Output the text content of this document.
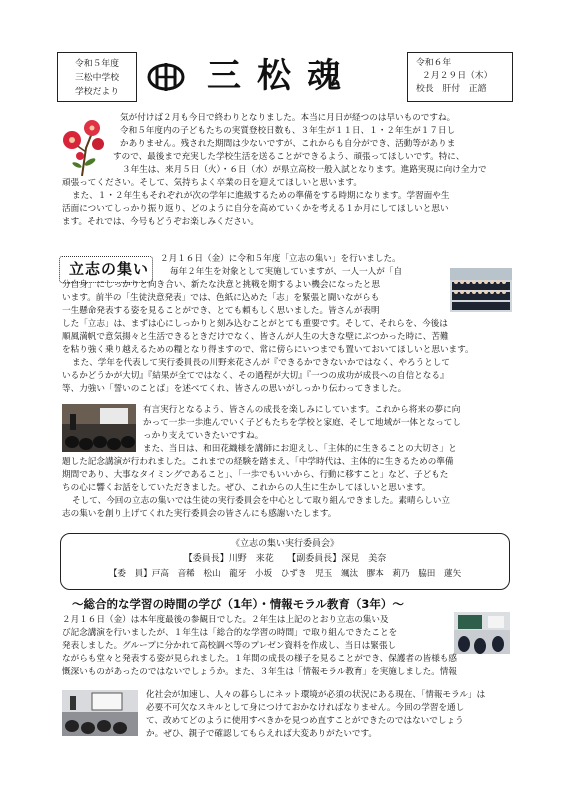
令和５年度
三松中学校
学校だより	三松魂	令和６年
２月２９日（木）
校長　肝付　正諮
気が付けば２月も今日で終わりとなりました。本当に月日が経つのは早いものですね。
令和５年度内の子どもたちの実質登校日数も、３年生が１１日、１・２年生が１７日し
かありません。残された期間は少ないですが、これからも自分ができ、活動等がありま
すので、最後まで充実した学校生活を送ることができるよう、頑張ってほしいです。特に、
３年生は、来月５日（火）・６日（水）が県立高校一般入試となります。進路実現に向け全力で
頑張ってください。そして、気持ちよく卒業の日を迎えてほしいと思います。
また、１・２年生もそれぞれが次の学年に進級するための準備をする時期になります。学習面や生
活面についてしっかり振り返り、どのように自分を高めていくかを考える１か月にしてほしいと思い
ます。それでは、今号もどうぞお楽しみください。
立志の集い
２月１６日（金）に令和５年度「立志の集い」を行いました。
毎年２年生を対象として実施していますが、一人一人が「自
分自身」にしっかりと向き合い、新たな決意と挑戦を期するよい機会になったと思
います。前半の「生徒決意発表」では、色紙に込めた「志」を緊張と闘いながらも
一生懸命発表する姿を見ることができ、とても頼もしく思いました。皆さんが表明
した「立志」は、まずは心にしっかりと刻み込むことがとても重要です。そして、それらを、今後は
順風満帆で意気揚々と生活できるときだけでなく、皆さんが人生の大きな壁にぶつかった時に、苦難
を粘り強く乗り越えるための糧となり得ますので、常に傍らにいつまでも置いておいてほしいと思います。
また、学年を代表して実行委員長の川野来花さんが『できるかできないかではなく、やろうとして
いるかどうかが大切』『結果が全てではなく、その過程が大切』『一つの成功が成長への自信となる』
等、力強い「誓いのことば」を述べてくれ、皆さんの思いがしっかり伝わってきました。
有言実行となるよう、皆さんの成長を楽しみにしています。これから将来の夢に向
かって一歩一歩進んでいく子どもたちを学校と家庭、そして地域が一体となってし
っかり支えていきたいですね。
また、当日は、和田花織様を講師にお迎えし、「主体的に生きることの大切さ」と
題した記念講演が行われました。これまでの経験を踏まえ、「中学時代は、主体的に生きるための準備
期間であり、大事なタイミングであること」、「一歩でもいいから、行動に移すこと」など、子どもた
ちの心に響くお話をしていただきました。ぜひ、これからの人生に生かしてほしいと思います。
そして、今回の立志の集いでは生徒の実行委員会を中心として取り組んできました。素晴らしい立
志の集いを創り上げてくれた実行委員会の皆さんにも感謝いたします。
《立志の集い実行委員会》
【委員長】川野　来花　　【副委員長】深見　美奈
【委　員】戸高　音稀　松山　龍牙　小坂　ひずき　児玉　颯汰　膠本　莉乃　脇田　蓮矢
～総合的な学習の時間の学び（1年）・情報モラル教育（3年）～
２月１６日（金）は本年度最後の参観日でした。２年生は上記のとおり立志の集い及
び記念講演を行いましたが、１年生は「総合的な学習の時間」で取り組んできたことを
発表しました。グループに分かれて高校調べ等のプレゼン資料を作成し、当日は緊張し
ながらも堂々と発表する姿が見られました。１年間の成長の様子を見ることができ、保護者の皆様も感
慨深いものがあったのではないでしょうか。また、３年生は「情報モラル教育」を実施しました。情報
化社会が加速し、人々の暮らしにネット環境が必須の状況にある現在、「情報モラル」は
必要不可欠なスキルとして身につけておかなければなりません。今回の学習を通し
て、改めてどのように使用すべきかを見つめ直すことができたのではないでしょう
か。ぜひ、親子で確認してもらえれば大変ありがたいです。
